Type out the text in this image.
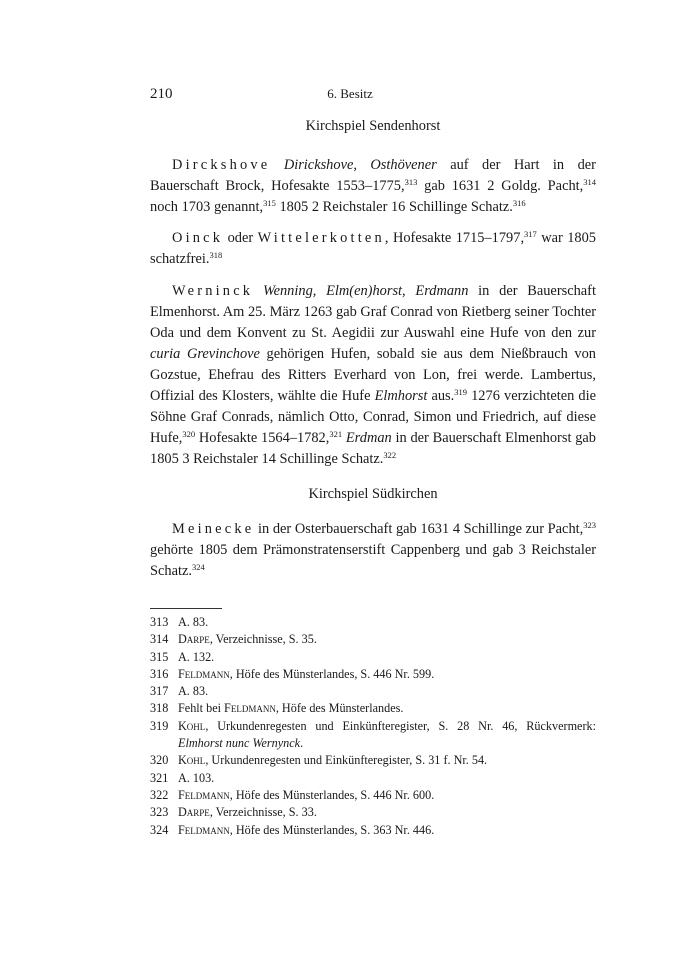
210	6. Besitz
Kirchspiel Sendenhorst

Dirckshove Dirickshove, Osthövener auf der Hart in der Bauerschaft Brock, Hofesakte 1553–1775,$^{313}$ gab 1631 2 Goldg. Pacht,$^{314}$ noch 1703 genannt,$^{315}$ 1805 2 Reichstaler 16 Schillinge Schatz.$^{316}$

Oinck oder Wittelerkotten, Hofesakte 1715–1797,$^{317}$ war 1805 schatzfrei.$^{318}$

Werninck Wenning, Elm(en)horst, Erdmann in der Bauerschaft Elmenhorst. Am 25. März 1263 gab Graf Conrad von Rietberg seiner Tochter Oda und dem Konvent zu St. Aegidii zur Auswahl eine Hufe von den zur curia Grevinchove gehörigen Hufen, sobald sie aus dem Nießbrauch von Gozstue, Ehefrau des Ritters Everhard von Lon, frei werde. Lambertus, Offizial des Klosters, wählte die Hufe Elmhorst aus.$^{319}$ 1276 verzichteten die Söhne Graf Conrads, nämlich Otto, Conrad, Simon und Friedrich, auf diese Hufe,$^{320}$ Hofesakte 1564–1782,$^{321}$ Erdman in der Bauerschaft Elmenhorst gab 1805 3 Reichstaler 14 Schillinge Schatz.$^{322}$

Kirchspiel Südkirchen

Meinecke in der Osterbauerschaft gab 1631 4 Schillinge zur Pacht,$^{323}$ gehörte 1805 dem Prämonstratenserstift Cappenberg und gab 3 Reichstaler Schatz.$^{324}$

313 A. 83.
314 Darpe, Verzeichnisse, S. 35.
315 A. 132.
316 Feldmann, Höfe des Münsterlandes, S. 446 Nr. 599.
317 A. 83.
318 Fehlt bei Feldmann, Höfe des Münsterlandes.
319 Kohl, Urkundenregesten und Einkünfteregister, S. 28 Nr. 46, Rückvermerk: Elmhorst nunc Wernynck.
320 Kohl, Urkundenregesten und Einkünfteregister, S. 31 f. Nr. 54.
321 A. 103.
322 Feldmann, Höfe des Münsterlandes, S. 446 Nr. 600.
323 Darpe, Verzeichnisse, S. 33.
324 Feldmann, Höfe des Münsterlandes, S. 363 Nr. 446.
